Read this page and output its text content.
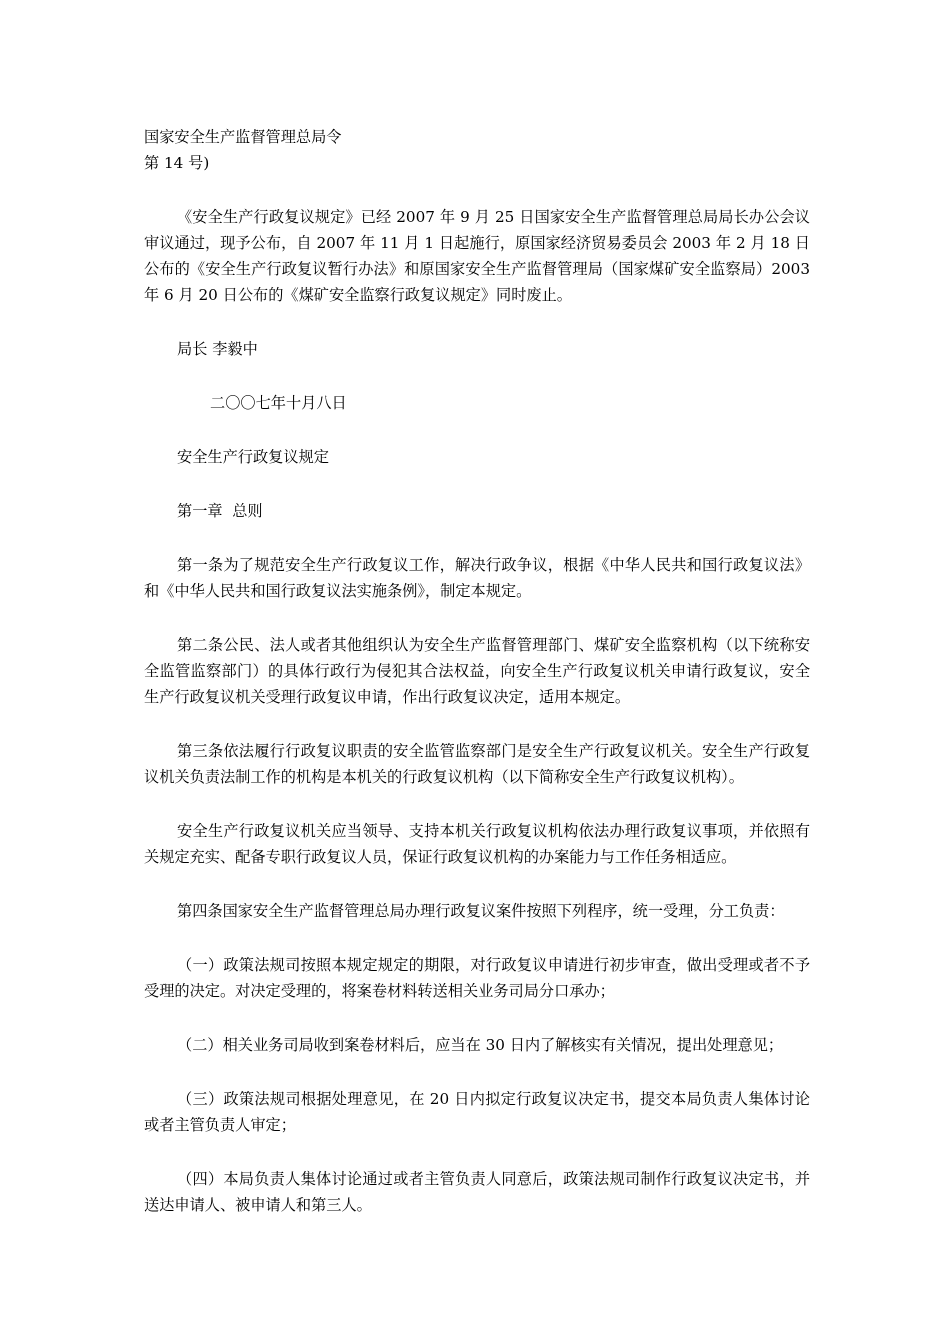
国家安全生产监督管理总局令

第 14 号)

《安全生产行政复议规定》已经 2007 年 9 月 25 日国家安全生产监督管理总局局长办公会议审议通过，现予公布，自 2007 年 11 月 1 日起施行，原国家经济贸易委员会 2003 年 2 月 18 日公布的《安全生产行政复议暂行办法》和原国家安全生产监督管理局（国家煤矿安全监察局）2003 年 6 月 20 日公布的《煤矿安全监察行政复议规定》同时废止。

局长 李毅中

二〇〇七年十月八日

安全生产行政复议规定

第一章  总则

第一条为了规范安全生产行政复议工作，解决行政争议，根据《中华人民共和国行政复议法》和《中华人民共和国行政复议法实施条例》，制定本规定。

第二条公民、法人或者其他组织认为安全生产监督管理部门、煤矿安全监察机构（以下统称安全监管监察部门）的具体行政行为侵犯其合法权益，向安全生产行政复议机关申请行政复议，安全生产行政复议机关受理行政复议申请，作出行政复议决定，适用本规定。

第三条依法履行行政复议职责的安全监管监察部门是安全生产行政复议机关。安全生产行政复议机关负责法制工作的机构是本机关的行政复议机构（以下简称安全生产行政复议机构）。

安全生产行政复议机关应当领导、支持本机关行政复议机构依法办理行政复议事项，并依照有关规定充实、配备专职行政复议人员，保证行政复议机构的办案能力与工作任务相适应。

第四条国家安全生产监督管理总局办理行政复议案件按照下列程序，统一受理，分工负责：

（一）政策法规司按照本规定规定的期限，对行政复议申请进行初步审查，做出受理或者不予受理的决定。对决定受理的，将案卷材料转送相关业务司局分口承办；

（二）相关业务司局收到案卷材料后，应当在 30 日内了解核实有关情况，提出处理意见；

（三）政策法规司根据处理意见，在 20 日内拟定行政复议决定书，提交本局负责人集体讨论或者主管负责人审定；

（四）本局负责人集体讨论通过或者主管负责人同意后，政策法规司制作行政复议决定书，并送达申请人、被申请人和第三人。
